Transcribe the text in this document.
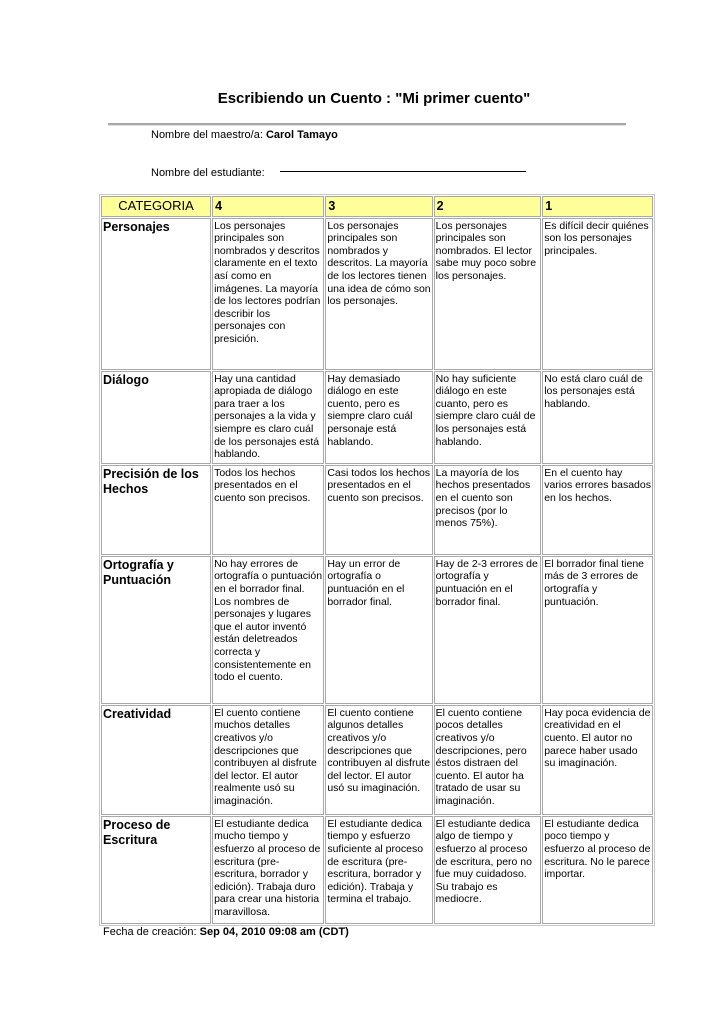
Escribiendo un Cuento : "Mi primer cuento"
Nombre del maestro/a: Carol Tamayo
Nombre del estudiante:
CATEGORIA	4	3	2	1
Personajes	Los personajes principales son nombrados y descritos claramente en el texto así como en imágenes. La mayoría de los lectores podrían describir los personajes con presición.	Los personajes principales son nombrados y descritos. La mayoría de los lectores tienen una idea de cómo son los personajes.	Los personajes principales son nombrados. El lector sabe muy poco sobre los personajes.	Es difícil decir quiénes son los personajes principales.
Diálogo	Hay una cantidad apropiada de diálogo para traer a los personajes a la vida y siempre es claro cuál de los personajes está hablando.	Hay demasiado diálogo en este cuento, pero es siempre claro cuál personaje está hablando.	No hay suficiente diálogo en este cuanto, pero es siempre claro cuál de los personajes está hablando.	No está claro cuál de los personajes está hablando.
Precisión de los Hechos	Todos los hechos presentados en el cuento son precisos.	Casi todos los hechos presentados en el cuento son precisos.	La mayoría de los hechos presentados en el cuento son precisos (por lo menos 75%).	En el cuento hay varios errores basados en los hechos.
Ortografía y Puntuación	No hay errores de ortografía o puntuación en el borrador final. Los nombres de personajes y lugares que el autor inventó están deletreados correcta y consistentemente en todo el cuento.	Hay un error de ortografía o puntuación en el borrador final.	Hay de 2-3 errores de ortografía y puntuación en el borrador final.	El borrador final tiene más de 3 errores de ortografía y puntuación.
Creatividad	El cuento contiene muchos detalles creativos y/o descripciones que contribuyen al disfrute del lector. El autor realmente usó su imaginación.	El cuento contiene algunos detalles creativos y/o descripciones que contribuyen al disfrute del lector. El autor usó su imaginación.	El cuento contiene pocos detalles creativos y/o descripciones, pero éstos distraen del cuento. El autor ha tratado de usar su imaginación.	Hay poca evidencia de creatividad en el cuento. El autor no parece haber usado su imaginación.
Proceso de Escritura	El estudiante dedica mucho tiempo y esfuerzo al proceso de escritura (pre-escritura, borrador y edición). Trabaja duro para crear una historia maravillosa.	El estudiante dedica tiempo y esfuerzo suficiente al proceso de escritura (pre-escritura, borrador y edición). Trabaja y termina el trabajo.	El estudiante dedica algo de tiempo y esfuerzo al proceso de escritura, pero no fue muy cuidadoso. Su trabajo es mediocre.	El estudiante dedica poco tiempo y esfuerzo al proceso de escritura. No le parece importar.
Fecha de creación: Sep 04, 2010 09:08 am (CDT)
